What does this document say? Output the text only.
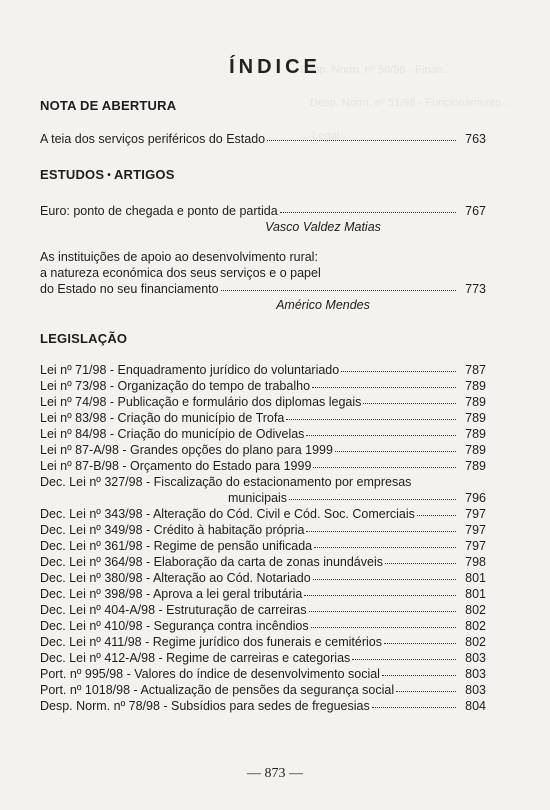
Desp. Norm. nº 50/98 - Finan...
Desp. Norm. nº 51/98 - Funcionamento...
... Legal ...
ÍNDICE
NOTA DE ABERTURA
A teia dos serviços periféricos do Estado	763
ESTUDOS • ARTIGOS
Euro: ponto de chegada e ponto de partida	767
Vasco Valdez Matias
As instituições de apoio ao desenvolvimento rural:
a natureza económica dos seus serviços e o papel
do Estado no seu financiamento	773
Américo Mendes
LEGISLAÇÃO
Lei nº 71/98 - Enquadramento jurídico do voluntariado	787
Lei nº 73/98 - Organização do tempo de trabalho	789
Lei nº 74/98 - Publicação e formulário dos diplomas legais	789
Lei nº 83/98 - Criação do município de Trofa	789
Lei nº 84/98 - Criação do município de Odivelas	789
Lei nº 87-A/98 - Grandes opções do plano para 1999	789
Lei nº 87-B/98 - Orçamento do Estado para 1999	789
Dec. Lei nº 327/98 - Fiscalização do estacionamento por empresas
municipais	796
Dec. Lei nº 343/98 - Alteração do Cód. Civil e Cód. Soc. Comerciais	797
Dec. Lei nº 349/98 - Crédito à habitação própria	797
Dec. Lei nº 361/98 - Regime de pensão unificada	797
Dec. Lei nº 364/98 - Elaboração da carta de zonas inundáveis	798
Dec. Lei nº 380/98 - Alteração ao Cód. Notariado	801
Dec. Lei nº 398/98 - Aprova a lei geral tributária	801
Dec. Lei nº 404-A/98 - Estruturação de carreiras	802
Dec. Lei nº 410/98 - Segurança contra incêndios	802
Dec. Lei nº 411/98 - Regime jurídico dos funerais e cemitérios	802
Dec. Lei nº 412-A/98 - Regime de carreiras e categorias	803
Port. nº 995/98 - Valores do índice de desenvolvimento social	803
Port. nº 1018/98 - Actualização de pensões da segurança social	803
Desp. Norm. nº 78/98 - Subsídios para sedes de freguesias	804
— 873 —
